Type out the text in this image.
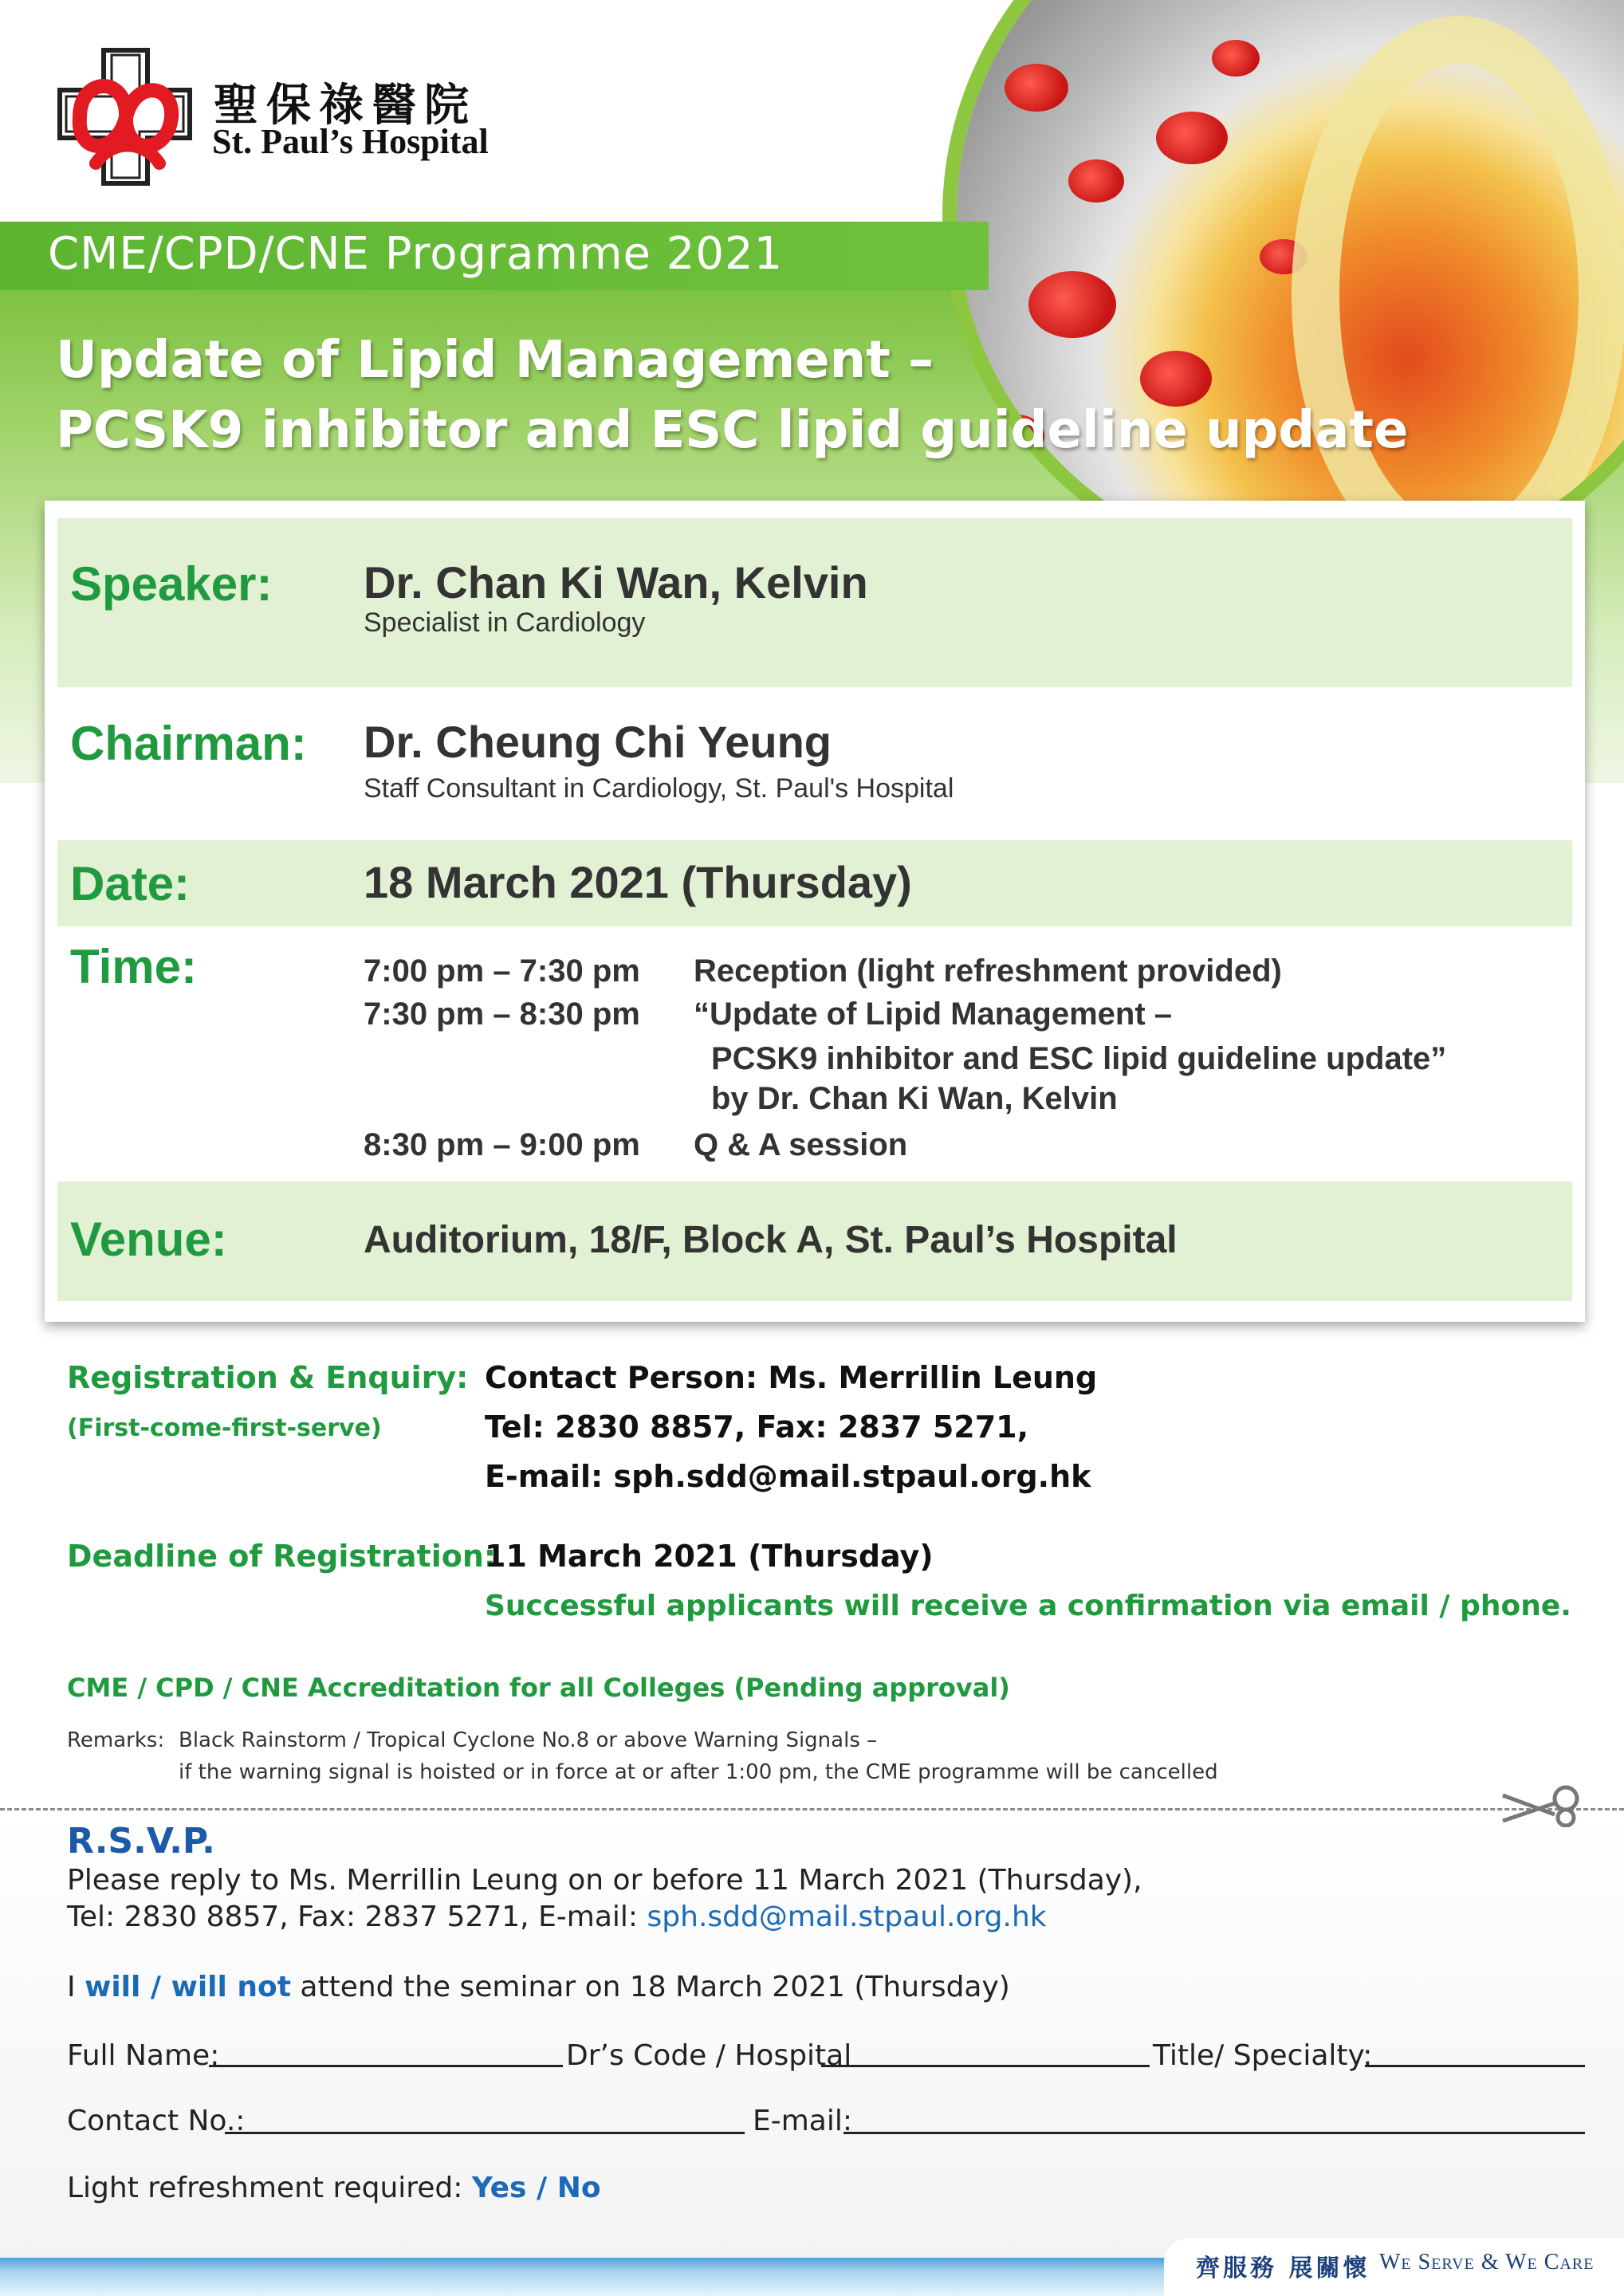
CME/CPD/CNE Programme 2021
Update of Lipid Management –
PCSK9 inhibitor and ESC lipid guideline update
聖保祿醫院
St. Paul’s Hospital
Speaker: Dr. Chan Ki Wan, Kelvin
Specialist in Cardiology
Chairman: Dr. Cheung Chi Yeung
Staff Consultant in Cardiology, St. Paul's Hospital
Date:	18 March 2021 (Thursday)
Time:	7:00 pm – 7:30 pm Reception (light refreshment provided)
7:30 pm – 8:30 pm “Update of Lipid Management –
PCSK9 inhibitor and ESC lipid guideline update”
by Dr. Chan Ki Wan, Kelvin
8:30 pm – 9:00 pm Q & A session
Venue:	Auditorium, 18/F, Block A, St. Paul’s Hospital
Registration & Enquiry:
(First-come-first-serve)
Contact Person: Ms. Merrillin Leung
Tel: 2830 8857, Fax: 2837 5271,
E-mail: sph.sdd@mail.stpaul.org.hk
Deadline of Registration:
11 March 2021 (Thursday)
Successful applicants will receive a confirmation via email / phone.
CME / CPD / CNE Accreditation for all Colleges (Pending approval)
Remarks: Black Rainstorm / Tropical Cyclone No.8 or above Warning Signals –
if the warning signal is hoisted or in force at or after 1:00 pm, the CME programme will be cancelled
R.S.V.P.
Please reply to Ms. Merrillin Leung on or before 11 March 2021 (Thursday),
Tel: 2830 8857, Fax: 2837 5271, E-mail: sph.sdd@mail.stpaul.org.hk
I will / will not attend the seminar on 18 March 2021 (Thursday)
Full Name:	Dr’s Code / Hospital	Title/ Specialty:
Contact No.:	E-mail:
Light refreshment required: Yes / No
齊服務 展關懷 We Serve & We Care
